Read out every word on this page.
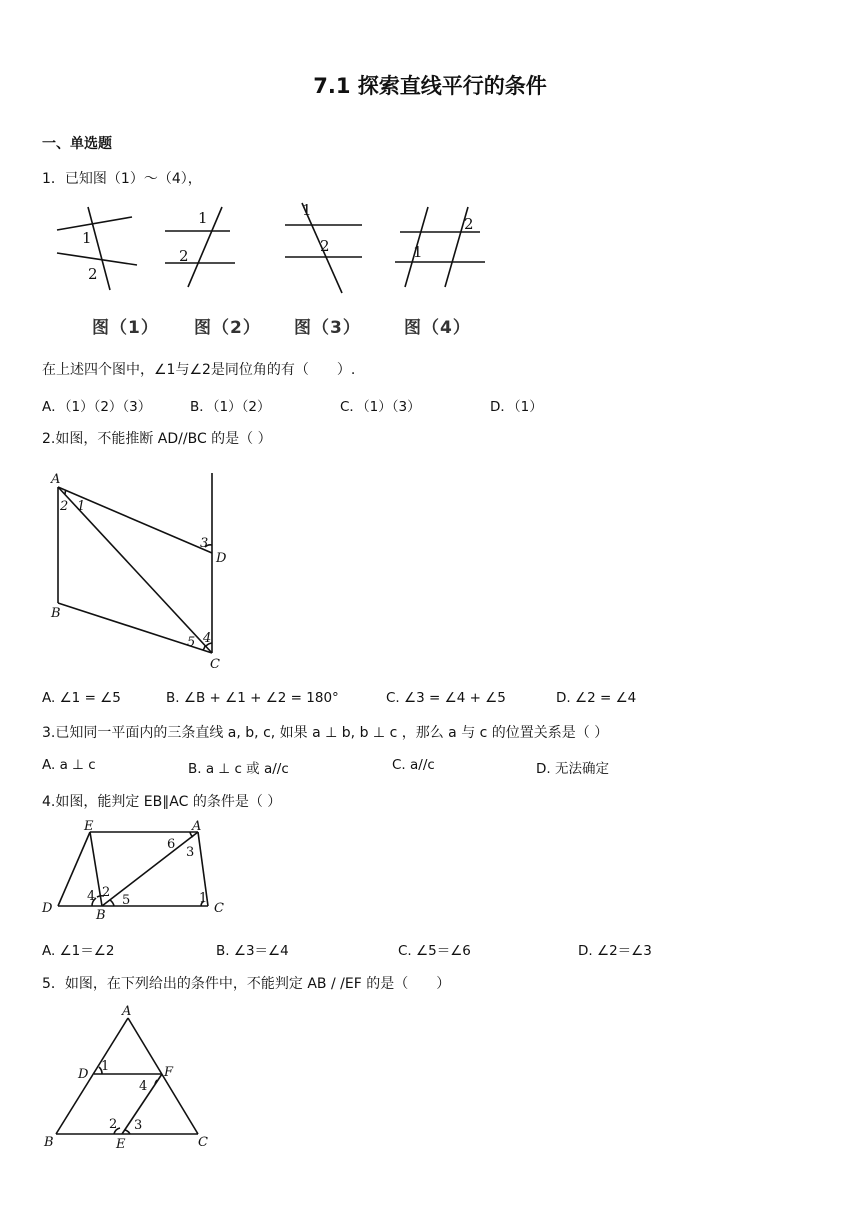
7.1 探索直线平行的条件
一、单选题
1．已知图（1）～（4），
1
2
1
2
1
2	1
2
图（1） 图（2） 图（3）	图（4）
在上述四个图中，∠1与∠2是同位角的有（　　）.
A．（1）（2）（3）	B．（1）（2）	C．（1）（3）	D．（1）
2.如图，不能推断 AD//BC 的是（ ）
A
B
C
D
1
2
3
4
5
A. ∠1 = ∠5	B. ∠B + ∠1 + ∠2 = 180°	C. ∠3 = ∠4 + ∠5	D. ∠2 = ∠4
3.已知同一平面内的三条直线 a, b, c, 如果 a ⊥ b, b ⊥ c ，那么 a 与 c 的位置关系是（ ）
A. a ⊥ c	B. a ⊥ c 或 a//c	C. a//c	D. 无法确定
4.如图，能判定 EB∥AC 的条件是（ ）
E	A
D	B	C
1
2
3
4 5
6
A. ∠1＝∠2	B. ∠3＝∠4	C. ∠5＝∠6	D. ∠2＝∠3
5．如图，在下列给出的条件中，不能判定 AB / /EF 的是（　　）
A
D	F
B	E	C
1
2 3
4
